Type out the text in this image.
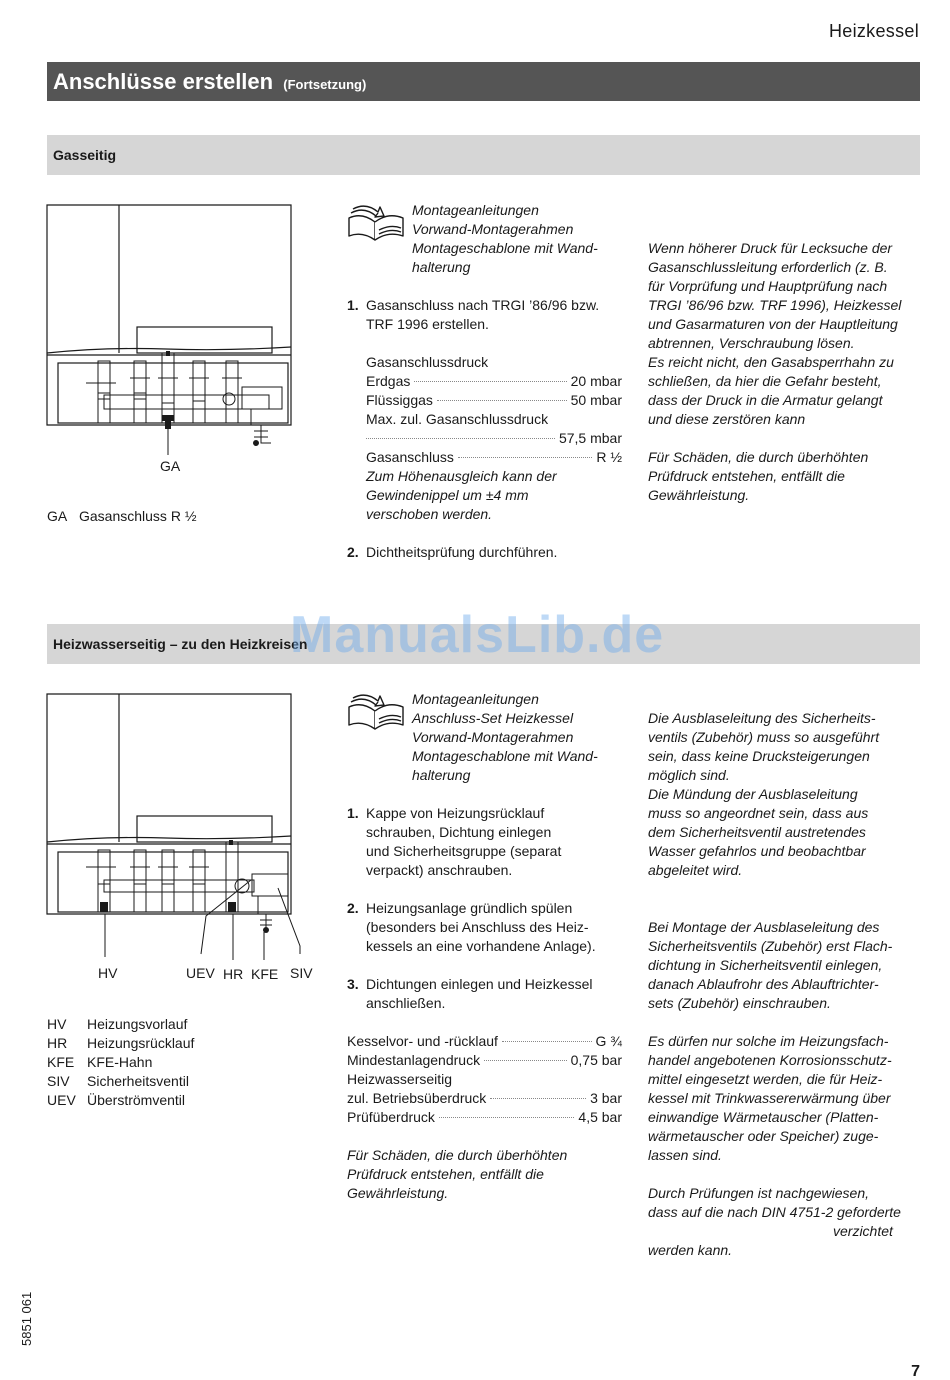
Heizkessel
Anschlüsse erstellen (Fortsetzung)
Gasseitig
GA
GA Gasanschluss R ½
Montageanleitungen
Vorwand-Montagerahmen
Montageschablone mit Wand-
halterung
1. Gasanschluss nach TRGI ’86/96 bzw.
TRF 1996 erstellen.
Gasanschlussdruck
Erdgas	20 mbar
Flüssiggas	50 mbar
Max. zul. Gasanschlussdruck
57,5 mbar
Gasanschluss	R ½
Zum Höhenausgleich kann der
Gewindenippel um ±4 mm
verschoben werden.
2. Dichtheitsprüfung durchführen.
Wenn höherer Druck für Lecksuche der
Gasanschlussleitung erforderlich (z. B.
für Vorprüfung und Hauptprüfung nach
TRGI ’86/96 bzw. TRF 1996), Heizkessel
und Gasarmaturen von der Hauptleitung
abtrennen, Verschraubung lösen.
Es reicht nicht, den Gasabsperrhahn zu
schließen, da hier die Gefahr besteht,
dass der Druck in die Armatur gelangt
und diese zerstören kann
Für Schäden, die durch überhöhten
Prüfdruck entstehen, entfällt die
Gewährleistung.
Heizwasserseitig – zu den Heizkreisen
ManualsLib.de
HV	UEV HR KFE SIV
HV	Heizungsvorlauf
HR	Heizungsrücklauf
KFE KFE-Hahn
SIV	Sicherheitsventil
UEV Überströmventil
Montageanleitungen
Anschluss-Set Heizkessel
Vorwand-Montagerahmen
Montageschablone mit Wand-
halterung
1. Kappe von Heizungsrücklauf
schrauben, Dichtung einlegen
und Sicherheitsgruppe (separat
verpackt) anschrauben.
2. Heizungsanlage gründlich spülen
(besonders bei Anschluss des Heiz-
kessels an eine vorhandene Anlage).
3. Dichtungen einlegen und Heizkessel
anschließen.
Kesselvor- und -rücklauf	G ¾
Mindestanlagendruck	0,75 bar
Heizwasserseitig
zul. Betriebsüberdruck	3 bar
Prüfüberdruck	4,5 bar
Für Schäden, die durch überhöhten
Prüfdruck entstehen, entfällt die
Gewährleistung.
Die Ausblaseleitung des Sicherheits-
ventils (Zubehör) muss so ausgeführt
sein, dass keine Drucksteigerungen
möglich sind.
Die Mündung der Ausblaseleitung
muss so angeordnet sein, dass aus
dem Sicherheitsventil austretendes
Wasser gefahrlos und beobachtbar
abgeleitet wird.
Bei Montage der Ausblaseleitung des
Sicherheitsventils (Zubehör) erst Flach-
dichtung in Sicherheitsventil einlegen,
danach Ablaufrohr des Ablauftrichter-
sets (Zubehör) einschrauben.
Es dürfen nur solche im Heizungsfach-
handel angebotenen Korrosionsschutz-
mittel eingesetzt werden, die für Heiz-
kessel mit Trinkwassererwärmung über
einwandige Wärmetauscher (Platten-
wärmetauscher oder Speicher) zuge-
lassen sind.
Durch Prüfungen ist nachgewiesen,
dass auf die nach DIN 4751-2 geforderte
verzichtet
werden kann.
5851 061
7
